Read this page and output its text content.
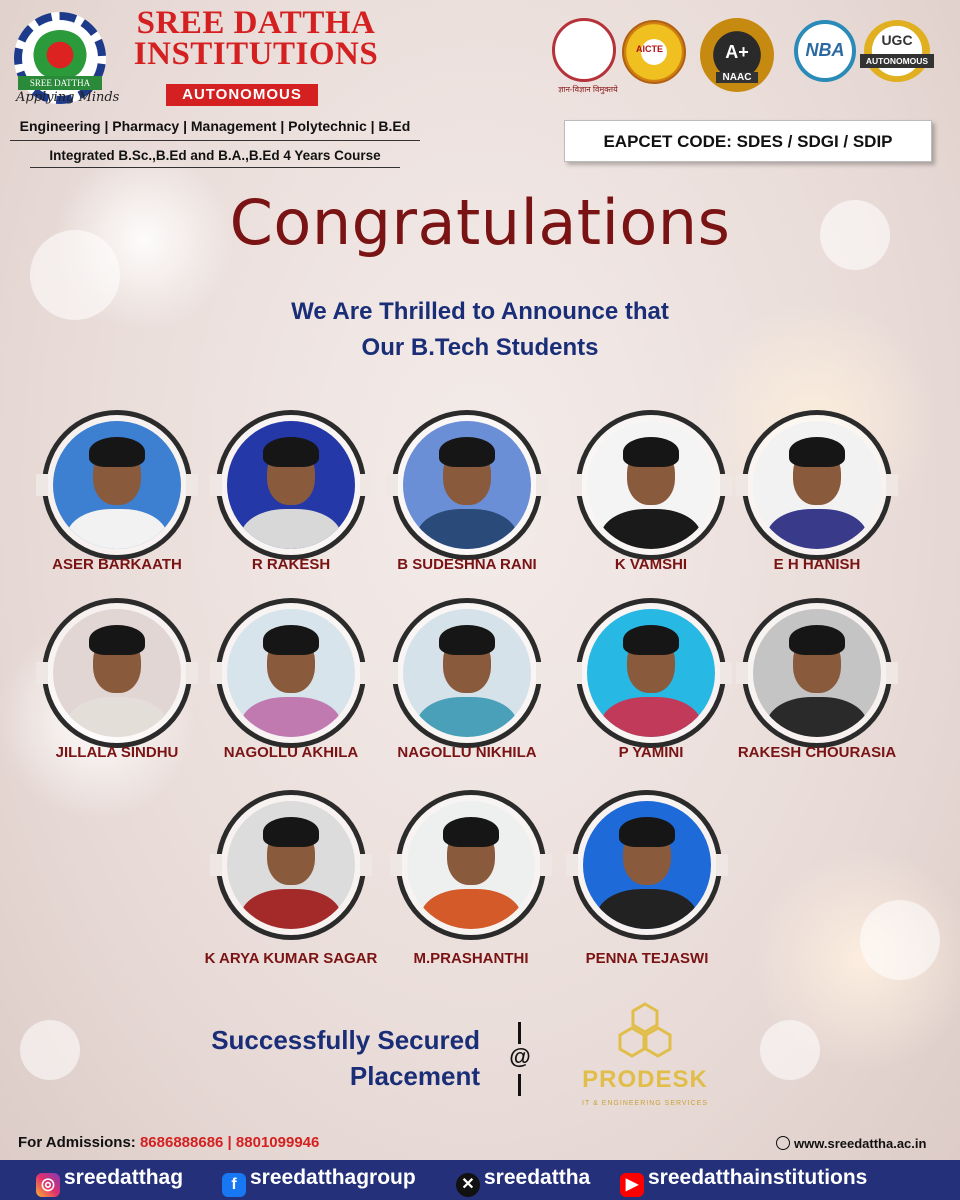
SREE DATTHA
Applying Minds
SREE DATTHA INSTITUTIONS
AUTONOMOUS
Engineering | Pharmacy | Management | Polytechnic | B.Ed
Integrated B.Sc.,B.Ed and B.A.,B.Ed 4 Years Course
ज्ञान-विज्ञान विमुक्तये
AICTE	A+
NAAC
NBA	UGC
AUTONOMOUS
EAPCET CODE: SDES / SDGI / SDIP
Congratulations
We Are Thrilled to Announce that
Our B.Tech Students
ASER BARKAATH	R RAKESH	B SUDESHNA RANI	K VAMSHI	E H HANISH
JILLALA SINDHU	NAGOLLU AKHILA	NAGOLLU NIKHILA	P YAMINI	RAKESH CHOURASIA
K ARYA KUMAR SAGAR	M.PRASHANTHI	PENNA TEJASWI
Successfully Secured
Placement
@
PRODESK
IT & ENGINEERING SERVICES
For Admissions: 8686888686 | 8801099946	www.sreedattha.ac.in
◎ sreedatthag	f sreedatthagroup	✕ sreedattha	▶ sreedatthainstitutions
